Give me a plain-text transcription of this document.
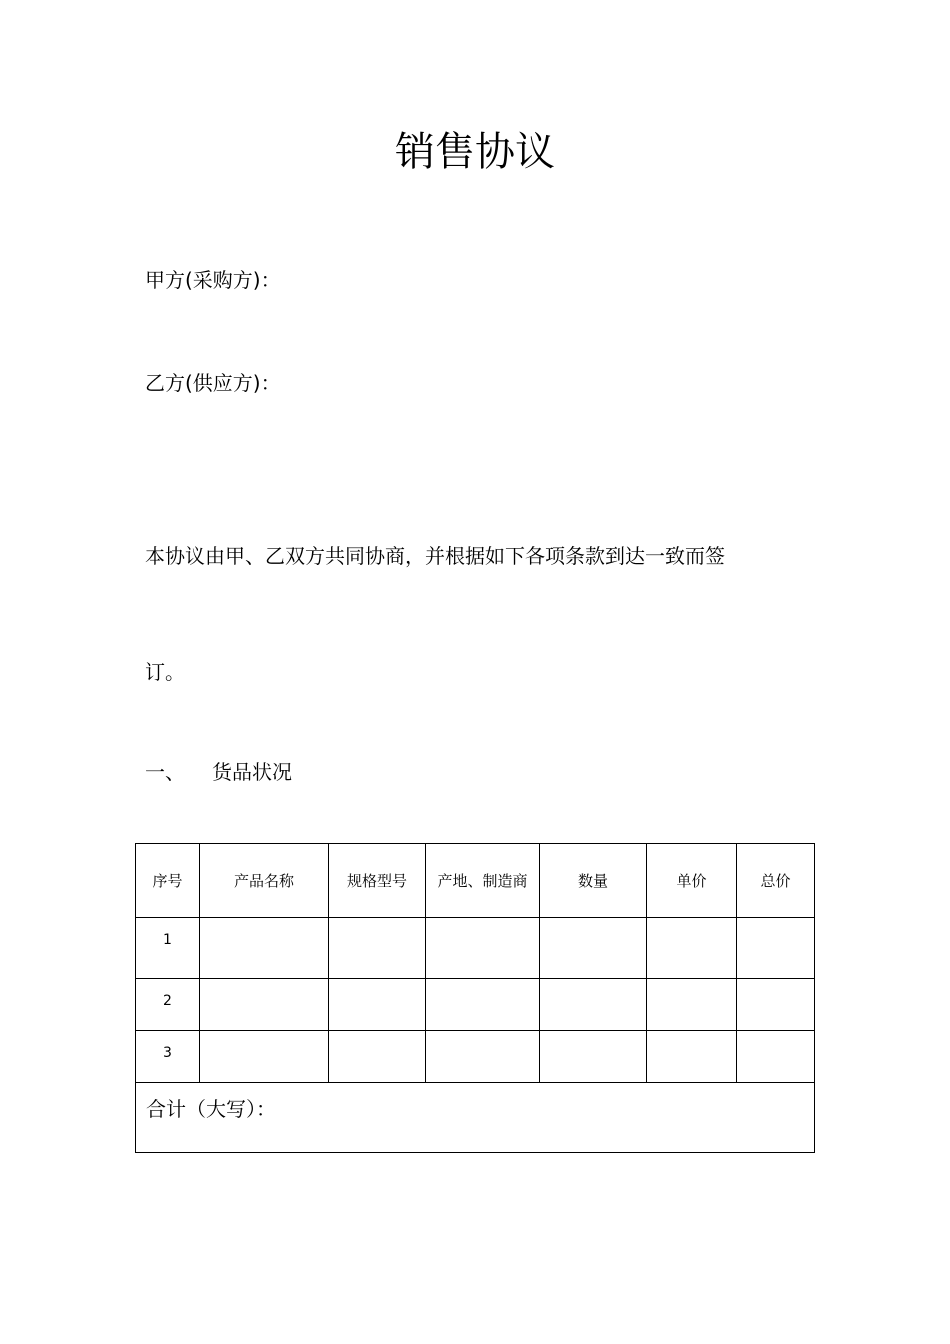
销售协议
甲方(采购方)：
乙方(供应方)：
本协议由甲、乙双方共同协商，并根据如下各项条款到达一致而签
订。
一、 货品状况
序号	产品名称	规格型号	产地、制造商	数量	单价	总价
1						
2						
3						
合计（大写）：						
